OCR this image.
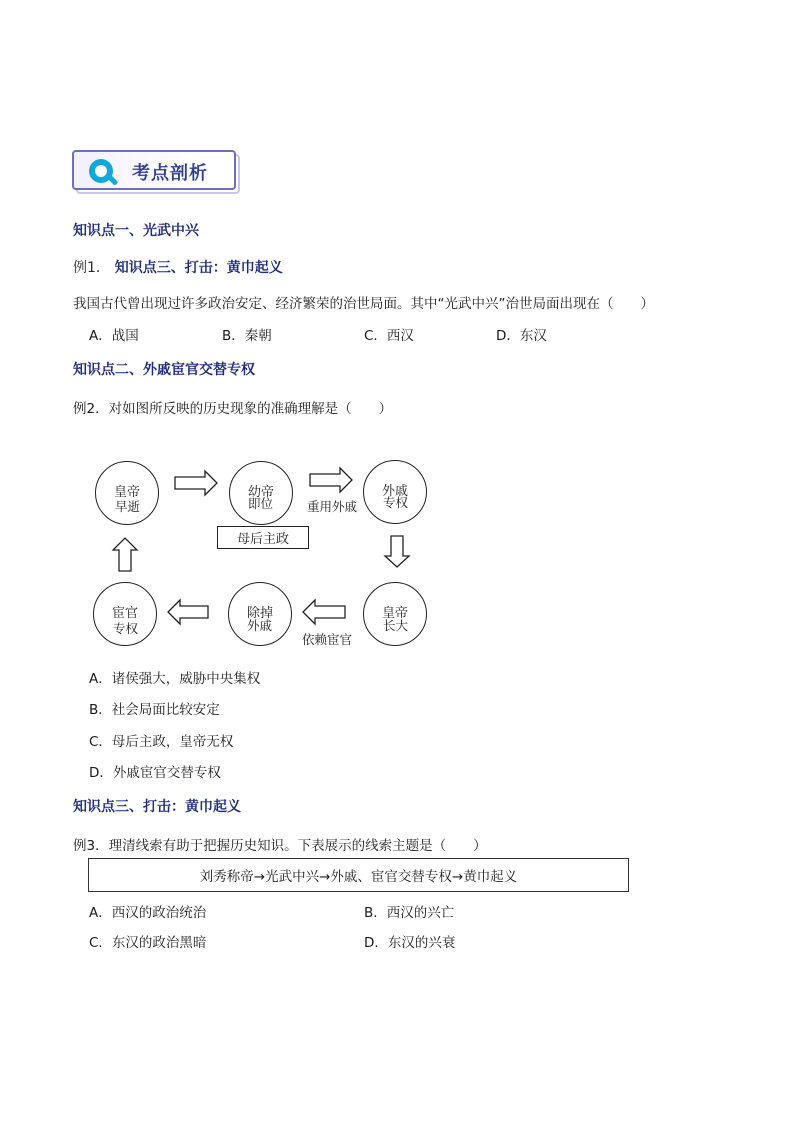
考点剖析
知识点一、光武中兴
例1． 知识点三、打击：黄巾起义
我国古代曾出现过许多政治安定、经济繁荣的治世局面。其中“光武中兴”治世局面出现在（　　）
A．战国	B．秦朝	C．西汉	D．东汉
知识点二、外戚宦官交替专权
例2．对如图所反映的历史现象的准确理解是（　　）
皇帝	幼帝	外戚
皇帝
除掉
宦官
早逝	即位	专权
长大
外戚
专权
重用外戚
依赖宦官
母后主政
A．诸侯强大，威胁中央集权
B．社会局面比较安定
C．母后主政，皇帝无权
D．外戚宦官交替专权
知识点三、打击：黄巾起义
例3．理清线索有助于把握历史知识。下表展示的线索主题是（　　）
刘秀称帝→光武中兴→外戚、宦官交替专权→黄巾起义
A．西汉的政治统治	B．西汉的兴亡
C．东汉的政治黑暗	D．东汉的兴衰
